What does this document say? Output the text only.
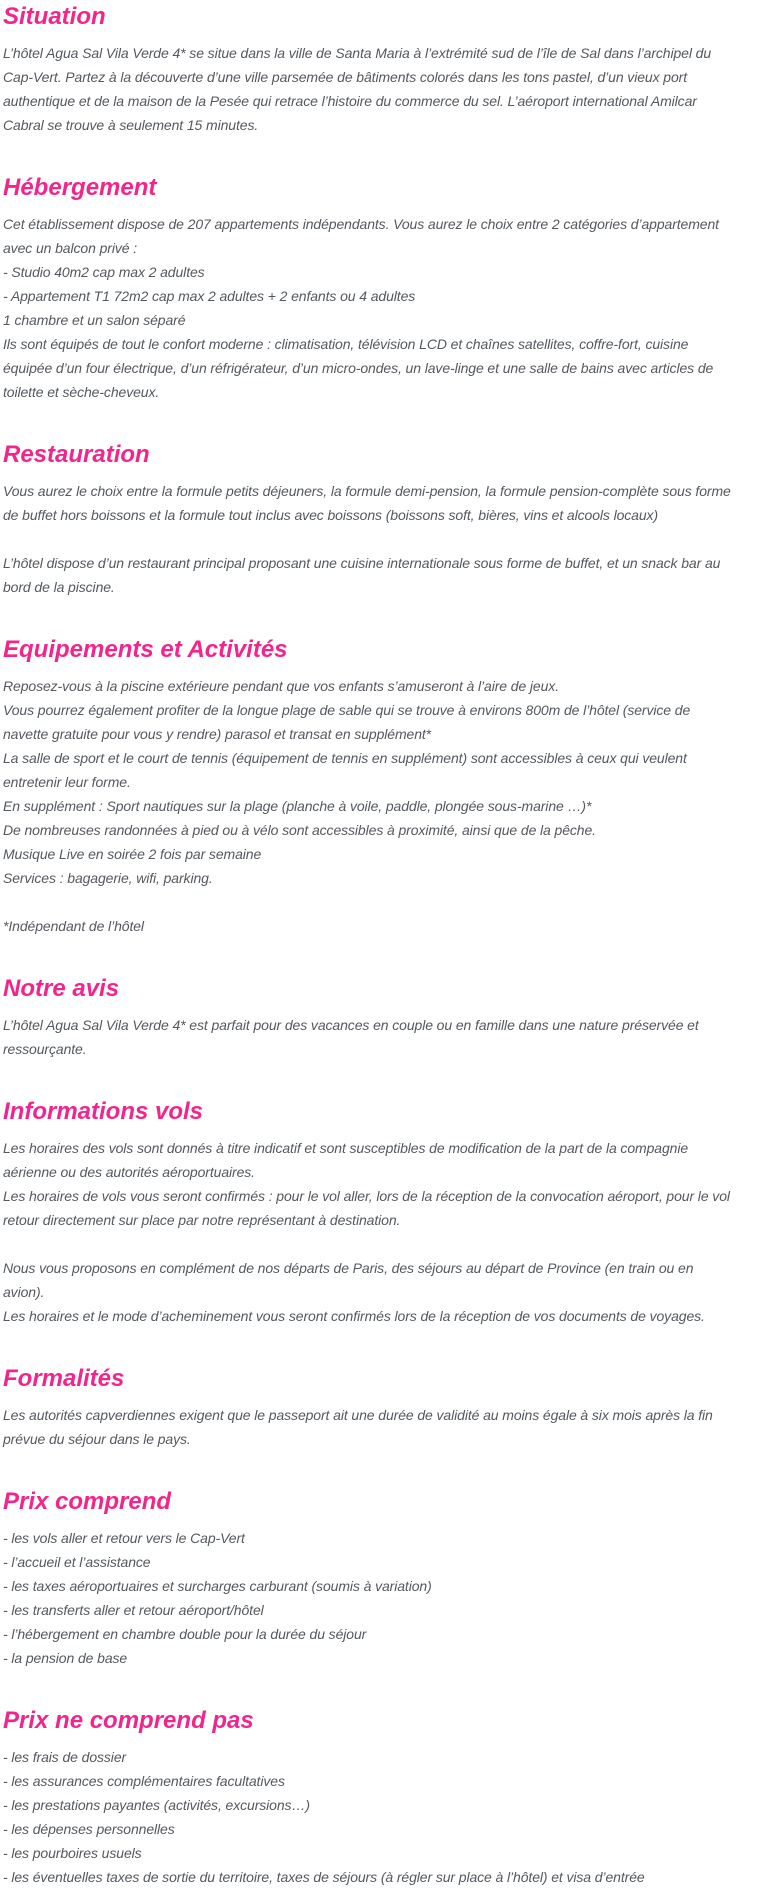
Situation

L’hôtel Agua Sal Vila Verde 4* se situe dans la ville de Santa Maria à l’extrémité sud de l’île de Sal dans l’archipel du Cap-Vert. Partez à la découverte d’une ville parsemée de bâtiments colorés dans les tons pastel, d’un vieux port authentique et de la maison de la Pesée qui retrace l’histoire du commerce du sel. L’aéroport international Amilcar Cabral se trouve à seulement 15 minutes.

Hébergement

Cet établissement dispose de 207 appartements indépendants. Vous aurez le choix entre 2 catégories d’appartement avec un balcon privé :

- Studio 40m2 cap max 2 adultes

- Appartement T1 72m2 cap max 2 adultes + 2 enfants ou 4 adultes

1 chambre et un salon séparé

Ils sont équipés de tout le confort moderne : climatisation, télévision LCD et chaînes satellites, coffre-fort, cuisine équipée d’un four électrique, d’un réfrigérateur, d’un micro-ondes, un lave-linge et une salle de bains avec articles de toilette et sèche-cheveux.

Restauration

Vous aurez le choix entre la formule petits déjeuners, la formule demi-pension, la formule pension-complète sous forme de buffet hors boissons et la formule tout inclus avec boissons (boissons soft, bières, vins et alcools locaux)

L’hôtel dispose d’un restaurant principal proposant une cuisine internationale sous forme de buffet, et un snack bar au bord de la piscine.

Equipements et Activités

Reposez-vous à la piscine extérieure pendant que vos enfants s’amuseront à l’aire de jeux.

Vous pourrez également profiter de la longue plage de sable qui se trouve à environs 800m de l’hôtel (service de navette gratuite pour vous y rendre) parasol et transat en supplément*

La salle de sport et le court de tennis (équipement de tennis en supplément) sont accessibles à ceux qui veulent entretenir leur forme.

En supplément : Sport nautiques sur la plage (planche à voile, paddle, plongée sous-marine …)*

De nombreuses randonnées à pied ou à vélo sont accessibles à proximité, ainsi que de la pêche.

Musique Live en soirée 2 fois par semaine

Services : bagagerie, wifi, parking.

*Indépendant de l’hôtel

Notre avis

L’hôtel Agua Sal Vila Verde 4* est parfait pour des vacances en couple ou en famille dans une nature préservée et ressourçante.

Informations vols

Les horaires des vols sont donnés à titre indicatif et sont susceptibles de modification de la part de la compagnie aérienne ou des autorités aéroportuaires.

Les horaires de vols vous seront confirmés : pour le vol aller, lors de la réception de la convocation aéroport, pour le vol retour directement sur place par notre représentant à destination.

Nous vous proposons en complément de nos départs de Paris, des séjours au départ de Province (en train ou en avion).

Les horaires et le mode d’acheminement vous seront confirmés lors de la réception de vos documents de voyages.

Formalités

Les autorités capverdiennes exigent que le passeport ait une durée de validité au moins égale à six mois après la fin prévue du séjour dans le pays.

Prix comprend

- les vols aller et retour vers le Cap-Vert

- l’accueil et l’assistance

- les taxes aéroportuaires et surcharges carburant (soumis à variation)

- les transferts aller et retour aéroport/hôtel

- l’hébergement en chambre double pour la durée du séjour

- la pension de base

Prix ne comprend pas

- les frais de dossier

- les assurances complémentaires facultatives

- les prestations payantes (activités, excursions…)

- les dépenses personnelles

- les pourboires usuels

- les éventuelles taxes de sortie du territoire, taxes de séjours (à régler sur place à l’hôtel) et visa d’entrée
